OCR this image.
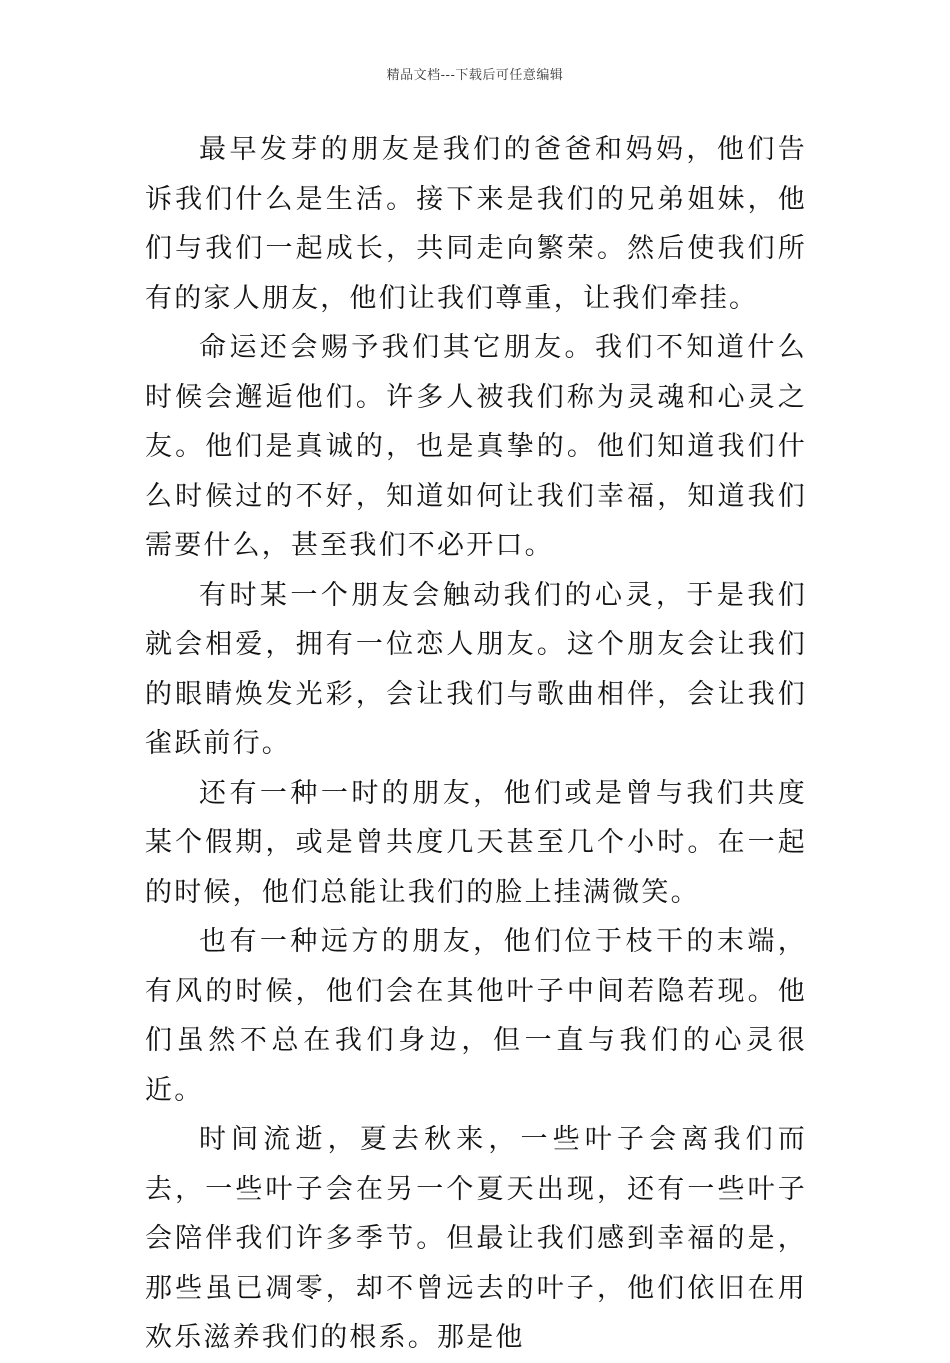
精品文档---下载后可任意编辑

最早发芽的朋友是我们的爸爸和妈妈，他们告诉我们什么是生活。接下来是我们的兄弟姐妹，他们与我们一起成长，共同走向繁荣。然后使我们所有的家人朋友，他们让我们尊重，让我们牵挂。

命运还会赐予我们其它朋友。我们不知道什么时候会邂逅他们。许多人被我们称为灵魂和心灵之友。他们是真诚的，也是真挚的。他们知道我们什么时候过的不好，知道如何让我们幸福，知道我们需要什么，甚至我们不必开口。

有时某一个朋友会触动我们的心灵，于是我们就会相爱，拥有一位恋人朋友。这个朋友会让我们的眼睛焕发光彩，会让我们与歌曲相伴，会让我们雀跃前行。

还有一种一时的朋友，他们或是曾与我们共度某个假期，或是曾共度几天甚至几个小时。在一起的时候，他们总能让我们的脸上挂满微笑。

也有一种远方的朋友，他们位于枝干的末端，有风的时候，他们会在其他叶子中间若隐若现。他们虽然不总在我们身边，但一直与我们的心灵很近。

时间流逝，夏去秋来，一些叶子会离我们而去，一些叶子会在另一个夏天出现，还有一些叶子会陪伴我们许多季节。但最让我们感到幸福的是，那些虽已凋零，却不曾远去的叶子，他们依旧在用欢乐滋养我们的根系。那是他
